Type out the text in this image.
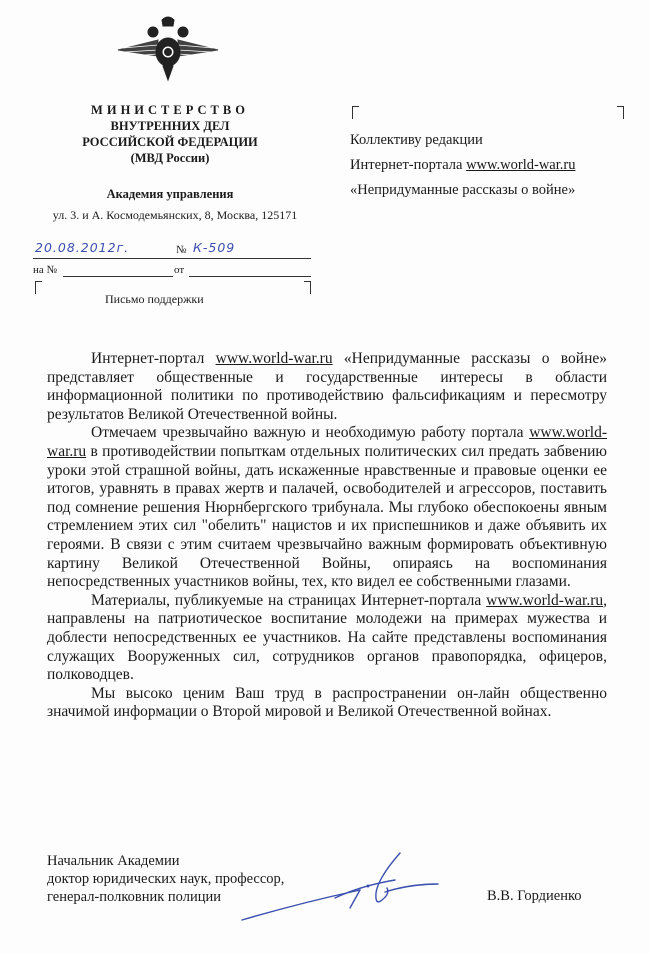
МИНИСТЕРСТВО
ВНУТРЕННИХ ДЕЛ
РОССИЙСКОЙ ФЕДЕРАЦИИ
(МВД России)
Академия управления
ул. 3. и А. Космодемьянских, 8, Москва, 125171
20.08.2012г.	№ К-509
на №	от
Письмо поддержки
Коллективу редакции
Интернет-портала www.world-war.ru
«Непридуманные рассказы о войне»

Интернет-портал www.world-war.ru «Непридуманные рассказы о войне» представляет общественные и государственные интересы в области информационной политики по противодействию фальсификациям и пересмотру результатов Великой Отечественной войны.

Отмечаем чрезвычайно важную и необходимую работу портала www.world-war.ru в противодействии попыткам отдельных политических сил предать забвению уроки этой страшной войны, дать искаженные нравственные и правовые оценки ее итогов, уравнять в правах жертв и палачей, освободителей и агрессоров, поставить под сомнение решения Нюрнбергского трибунала. Мы глубоко обеспокоены явным стремлением этих сил "обелить" нацистов и их приспешников и даже объявить их героями. В связи с этим считаем чрезвычайно важным формировать объективную картину Великой Отечественной Войны, опираясь на воспоминания непосредственных участников войны, тех, кто видел ее собственными глазами.

Материалы, публикуемые на страницах Интернет-портала www.world-war.ru, направлены на патриотическое воспитание молодежи на примерах мужества и доблести непосредственных ее участников. На сайте представлены воспоминания служащих Вооруженных сил, сотрудников органов правопорядка, офицеров, полководцев.

Мы высоко ценим Ваш труд в распространении он-лайн общественно значимой информации о Второй мировой и Великой Отечественной войнах.

Начальник Академии
доктор юридических наук, профессор,
генерал-полковник полиции	В.В. Гордиенко
